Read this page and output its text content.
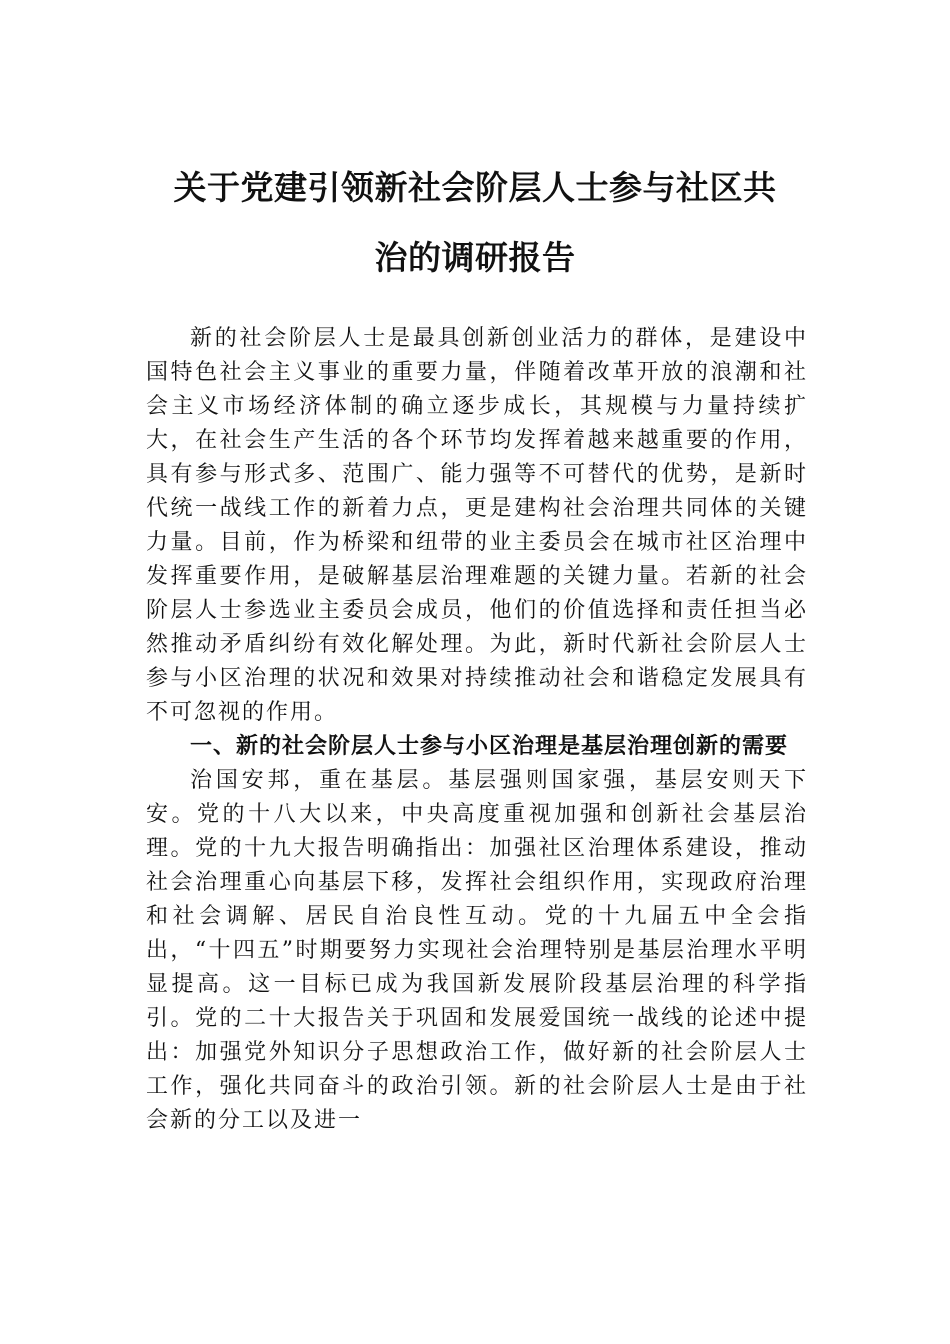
关于党建引领新社会阶层人士参与社区共
治的调研报告

新的社会阶层人士是最具创新创业活力的群体，是建设中国特色社会主义事业的重要力量，伴随着改革开放的浪潮和社会主义市场经济体制的确立逐步成长，其规模与力量持续扩大，在社会生产生活的各个环节均发挥着越来越重要的作用，具有参与形式多、范围广、能力强等不可替代的优势，是新时代统一战线工作的新着力点，更是建构社会治理共同体的关键力量。目前，作为桥梁和纽带的业主委员会在城市社区治理中发挥重要作用，是破解基层治理难题的关键力量。若新的社会阶层人士参选业主委员会成员，他们的价值选择和责任担当必然推动矛盾纠纷有效化解处理。为此，新时代新社会阶层人士参与小区治理的状况和效果对持续推动社会和谐稳定发展具有不可忽视的作用。

一、新的社会阶层人士参与小区治理是基层治理创新的需要

治国安邦，重在基层。基层强则国家强，基层安则天下安。党的十八大以来，中央高度重视加强和创新社会基层治理。党的十九大报告明确指出：加强社区治理体系建设，推动社会治理重心向基层下移，发挥社会组织作用，实现政府治理和社会调解、居民自治良性互动。党的十九届五中全会指出，“十四五”时期要努力实现社会治理特别是基层治理水平明显提高。这一目标已成为我国新发展阶段基层治理的科学指引。党的二十大报告关于巩固和发展爱国统一战线的论述中提出：加强党外知识分子思想政治工作，做好新的社会阶层人士工作，强化共同奋斗的政治引领。新的社会阶层人士是由于社会新的分工以及进一
